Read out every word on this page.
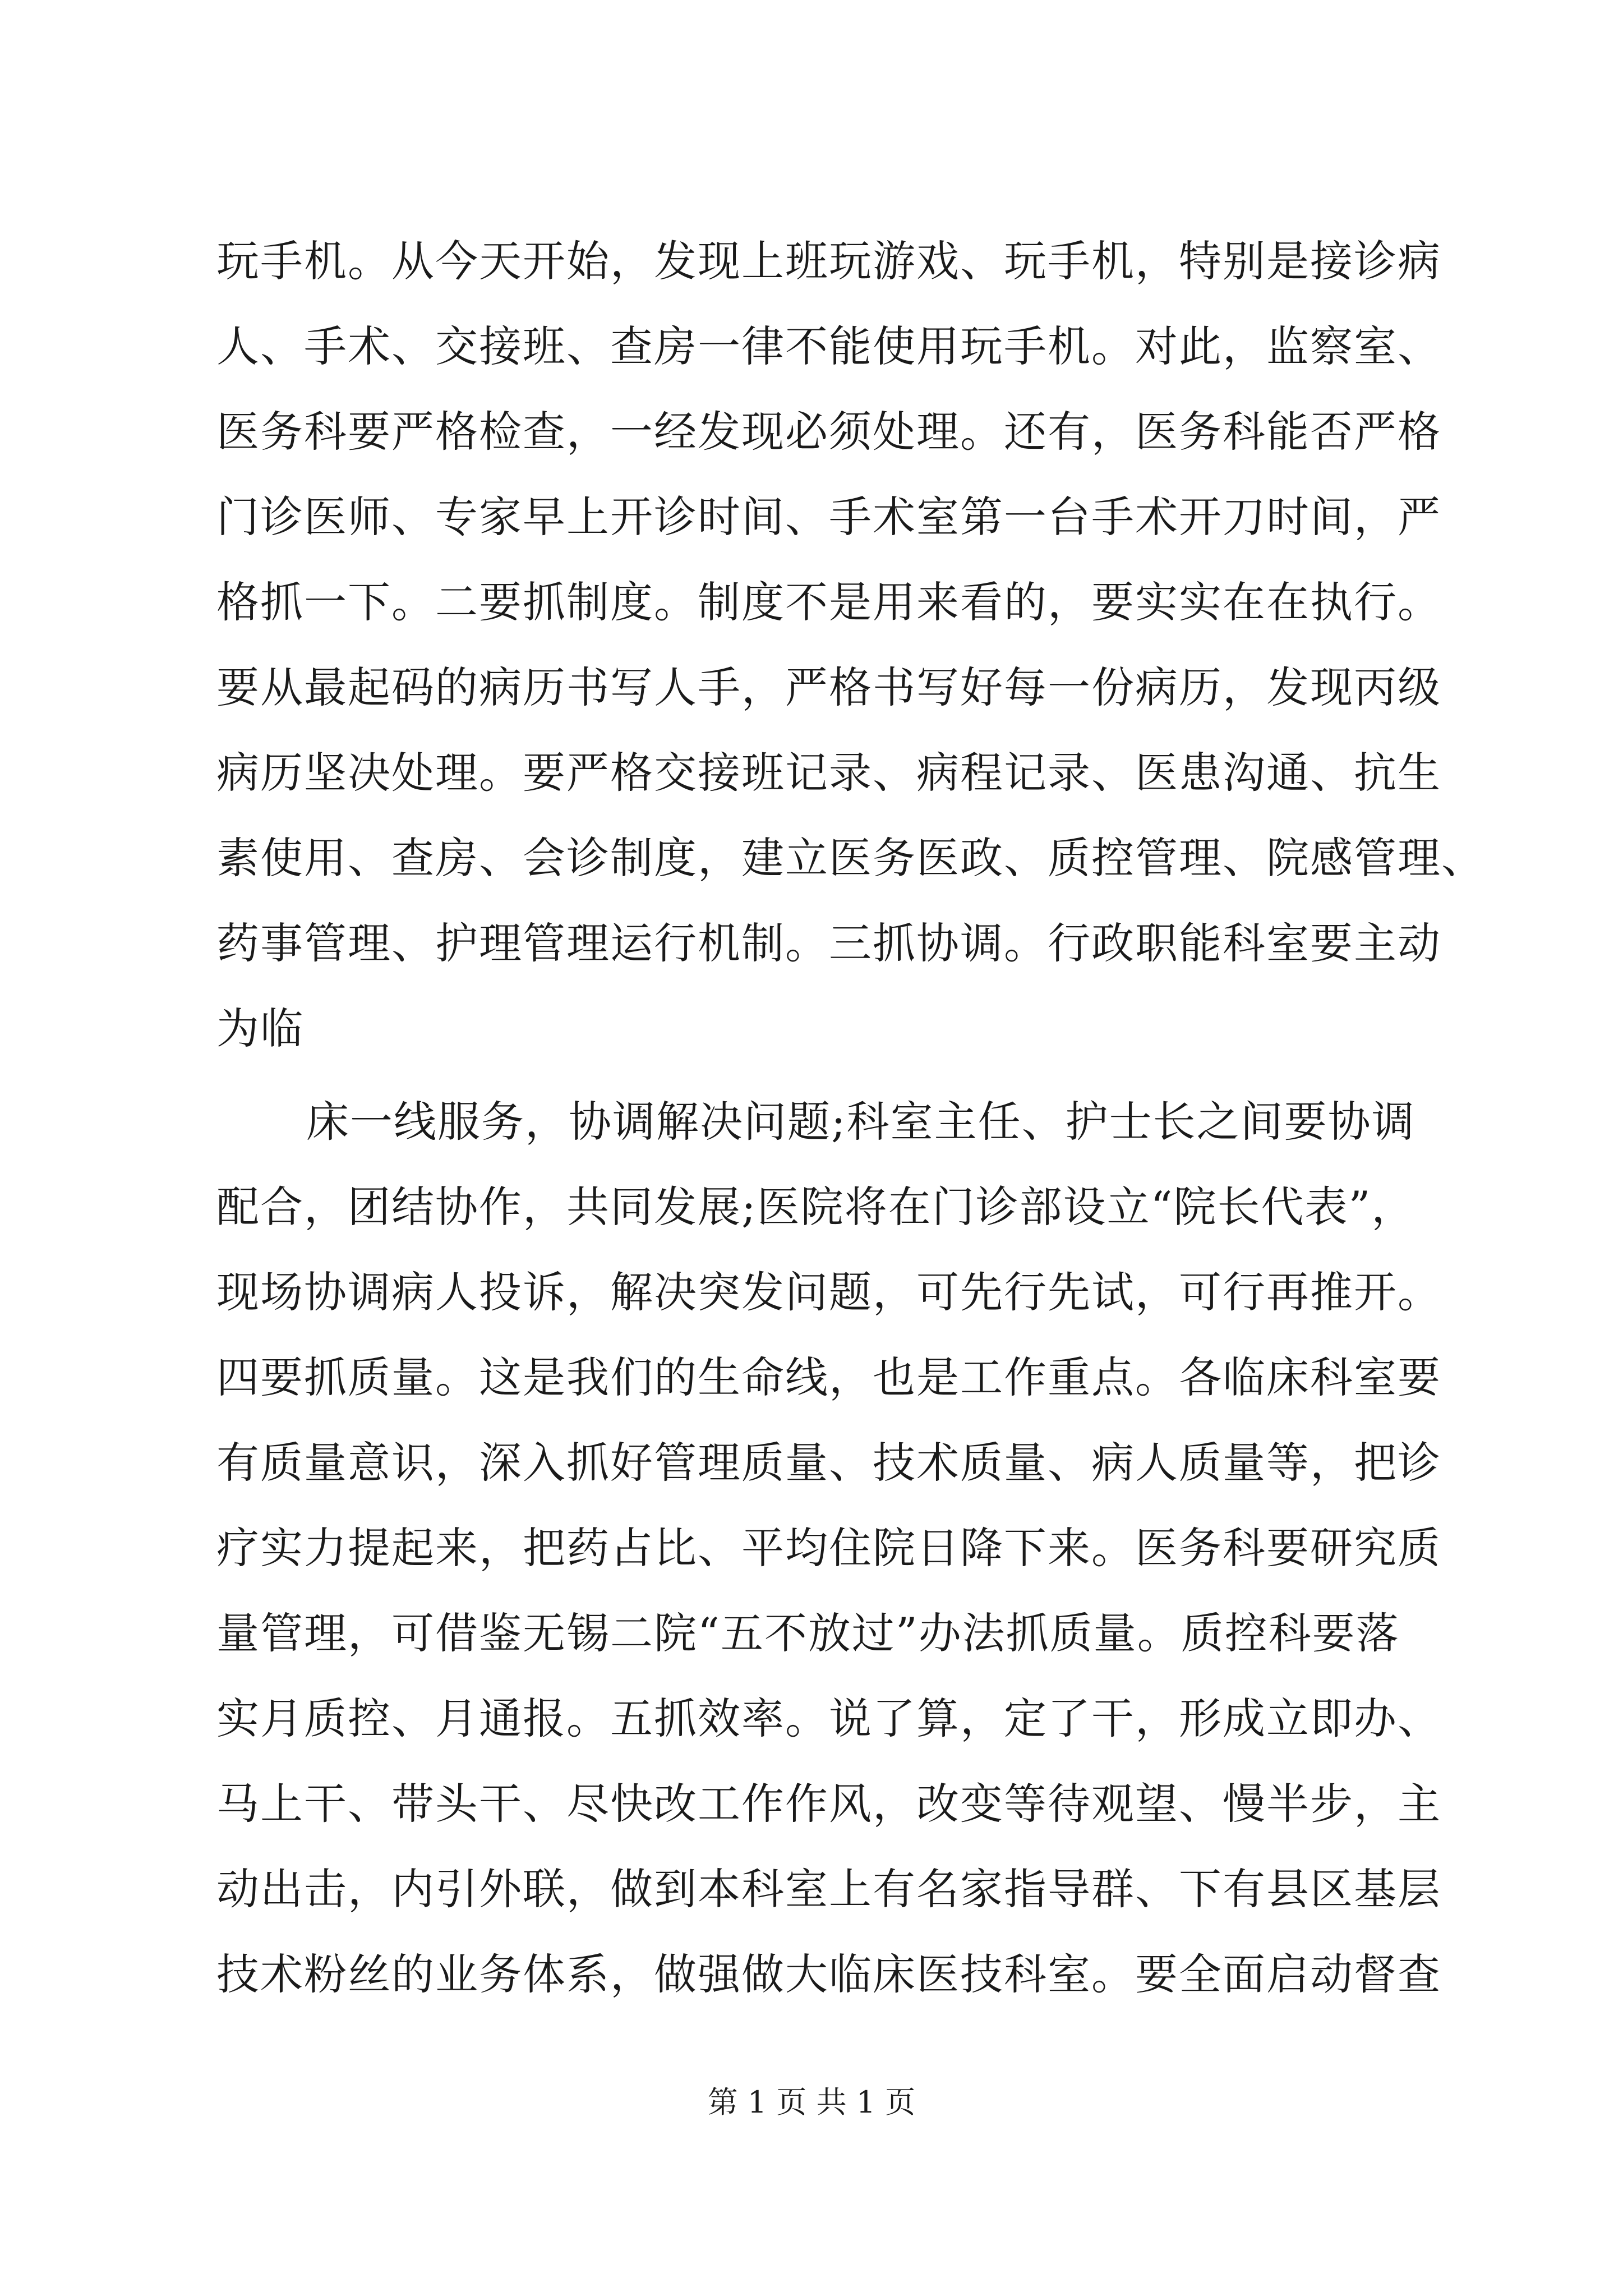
玩手机。从今天开始，发现上班玩游戏、玩手机，特别是接诊病
人、手术、交接班、查房一律不能使用玩手机。对此，监察室、
医务科要严格检查，一经发现必须处理。还有，医务科能否严格
门诊医师、专家早上开诊时间、手术室第一台手术开刀时间，严
格抓一下。二要抓制度。制度不是用来看的，要实实在在执行。
要从最起码的病历书写人手，严格书写好每一份病历，发现丙级
病历坚决处理。要严格交接班记录、病程记录、医患沟通、抗生
素使用、查房、会诊制度，建立医务医政、质控管理、院感管理、
药事管理、护理管理运行机制。三抓协调。行政职能科室要主动
为临
床一线服务，协调解决问题;科室主任、护士长之间要协调
配合，团结协作，共同发展;医院将在门诊部设立“院长代表”，
现场协调病人投诉，解决突发问题，可先行先试，可行再推开。
四要抓质量。这是我们的生命线，也是工作重点。各临床科室要
有质量意识，深入抓好管理质量、技术质量、病人质量等，把诊
疗实力提起来，把药占比、平均住院日降下来。医务科要研究质
量管理，可借鉴无锡二院“五不放过”办法抓质量。质控科要落
实月质控、月通报。五抓效率。说了算，定了干，形成立即办、
马上干、带头干、尽快改工作作风，改变等待观望、慢半步，主
动出击，内引外联，做到本科室上有名家指导群、下有县区基层
技术粉丝的业务体系，做强做大临床医技科室。要全面启动督查
第 1 页 共 1 页
